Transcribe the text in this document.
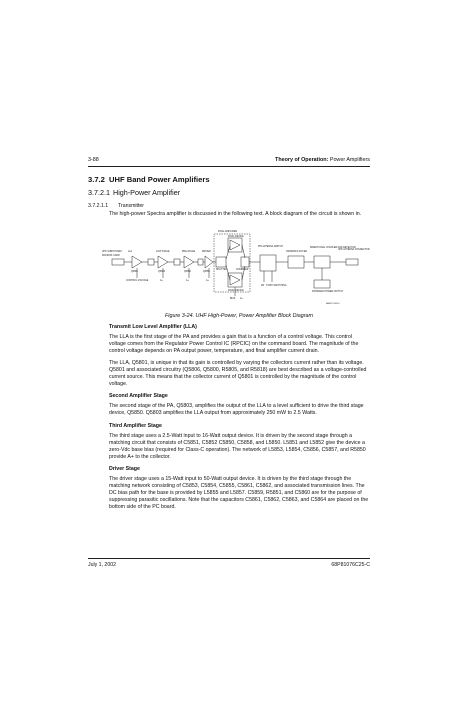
3-88	Theory of Operation: Power Amplifiers
3.7.2 UHF Band Power Amplifiers
3.7.2.1 High-Power Amplifier
3.7.2.1.1 Transmitter

The high-power Spectra amplifier is discussed in the following text. A block diagram of the circuit is shown in.

FINAL AMPLIFIER
UHF SUBSYSTEM
FROM RF CARD
LLA
Q5801
LOW STAGE
Q5803
PRE-STAGE
Q5850
DRIVER
Q5851
SPLITTER
FINAL DEVICE
FINAL DEVICE
COMBINER
PIN ANTENNA SWITCH
RX TX/RX SWITCHING
HARMONIC FILTER
DIRECTIONAL COUPLER AND DETECTOR
FORWARD POWER OUTPUT
UHF ANTENNA CONNECTOR
CONTROL VOLTAGE	A+	A+	A+
BIAS A+
MAEPF-27463-O
Figure 3-24. UHF High-Power, Power Amplifier Block Diagram

Transmit Low Level Amplifier (LLA)

The LLA is the first stage of the PA and provides a gain that is a function of a control voltage. This control voltage comes from the Regulator Power Control IC (RPCIC) on the command board. The magnitude of the control voltage depends on PA output power, temperature, and final amplifier current drain.

The LLA, Q5801, is unique in that its gain is controlled by varying the collectors current rather than its voltage. Q5801 and associated circuitry (Q5806, Q5800, R5805, and R5818) are best described as a voltage-controlled current source. This means that the collector current of Q5801 is controlled by the magnitude of the control voltage.

Second Amplifier Stage

The second stage of the PA, Q5803, amplifies the output of the LLA to a level sufficient to drive the third stage device, Q5850. Q5803 amplifies the LLA output from approximately 250 mW to 2.5 Watts.

Third Amplifier Stage

The third stage uses a 2.5-Watt input to 16-Watt output device. It is driven by the second stage through a matching circuit that consists of C5851, C5852 C5850, C5858, and L5850. L5851 and L5852 give the device a zero-Vdc base bias (required for Class-C operation). The network of L5853, L5854, C5856, C5857, and R5850 provide A+ to the collector.

Driver Stage

The driver stage uses a 15-Watt input to 50-Watt output device. It is driven by the third stage through the matching network consisting of C5853, C5854, C5855, C5861, C5862, and associated transmission lines. The DC bias path for the base is provided by L5855 and L5857. C5859, R5851, and C5860 are for the purpose of suppressing parasitic oscillations. Note that the capacitors C5861, C5862, C5863, and C5864 are placed on the bottom side of the PC board.

July 1, 2002	68P81076C25-C
